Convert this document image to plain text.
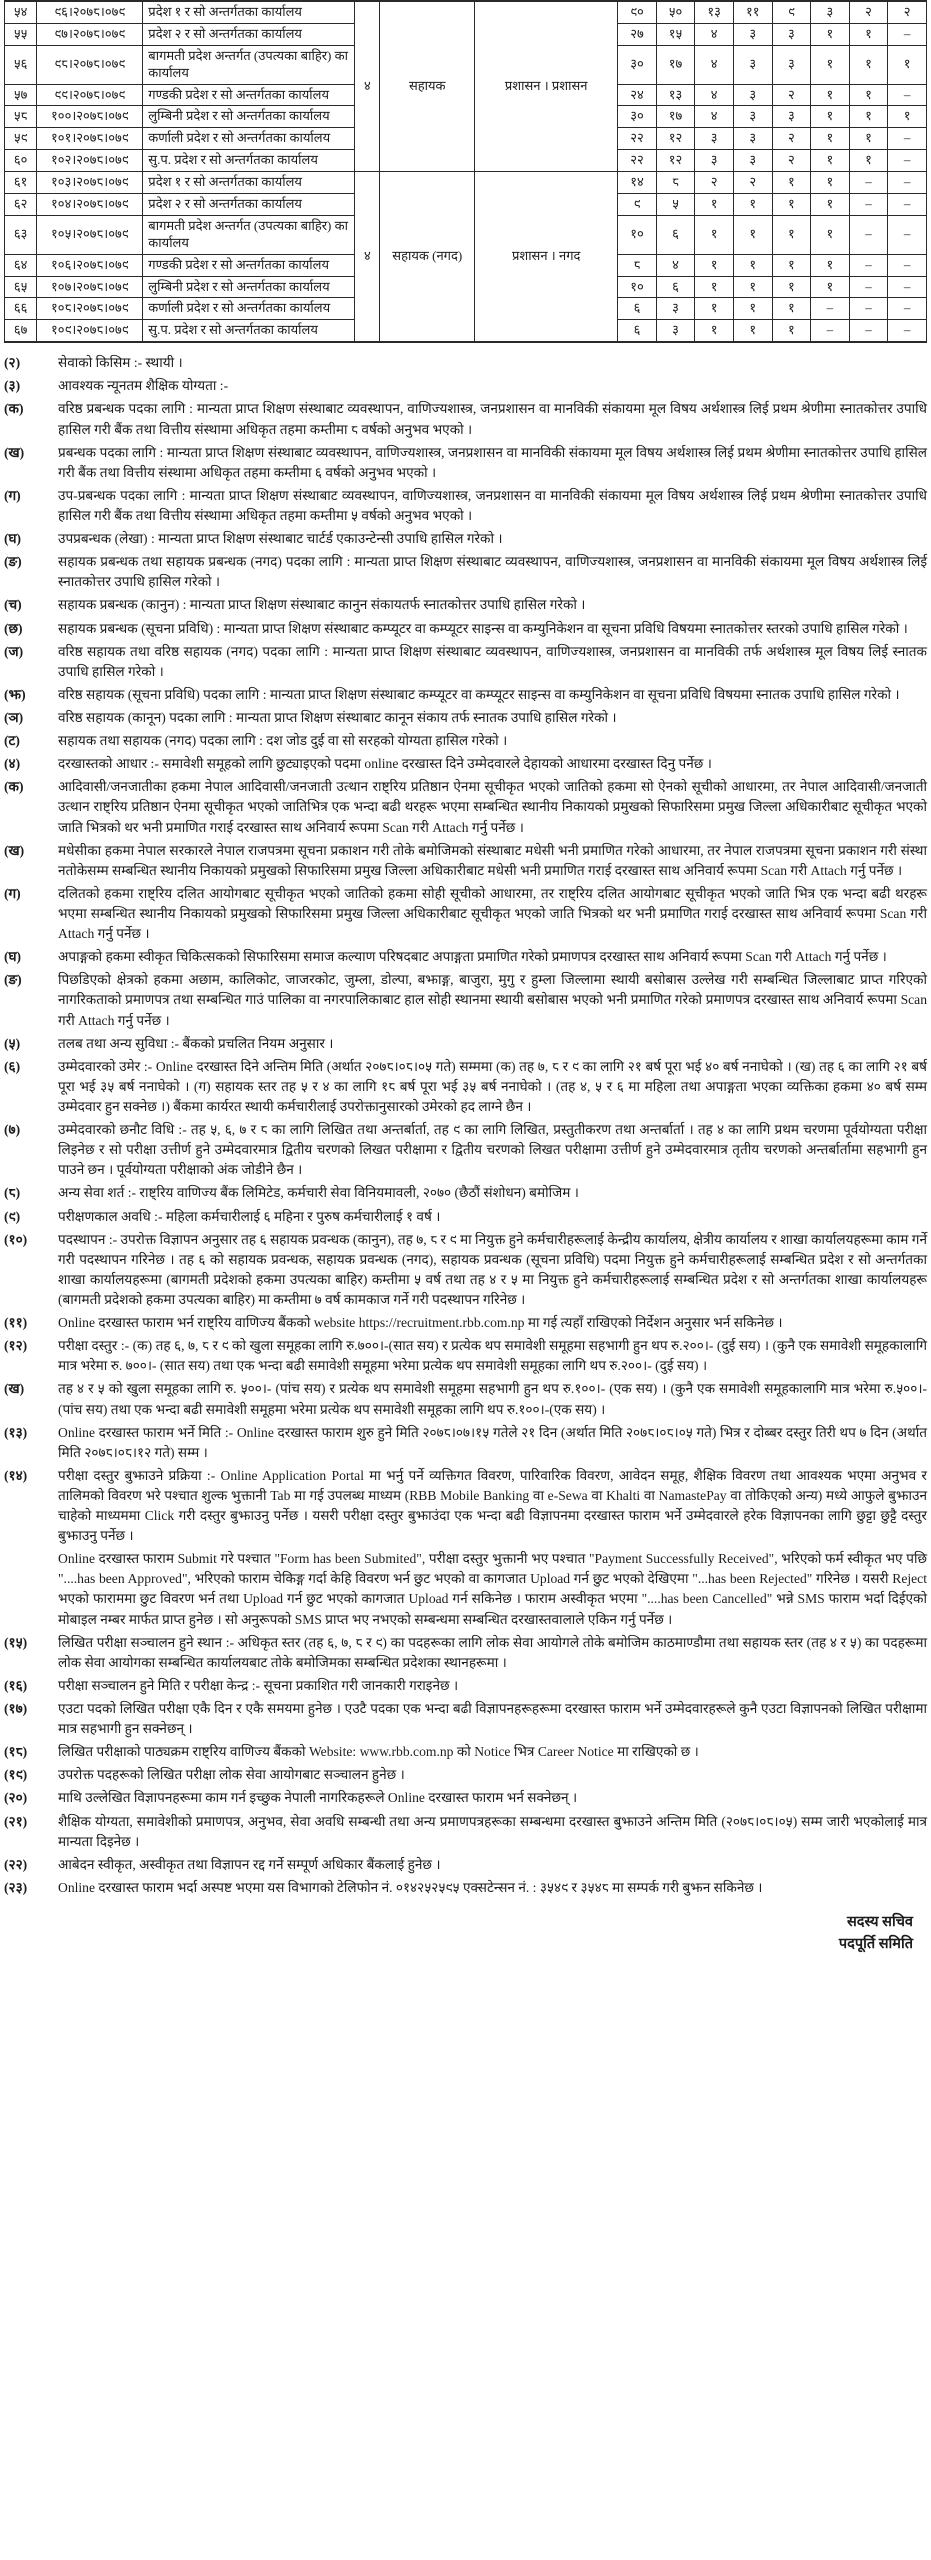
५४	९६।२०७८।०७९	प्रदेश १ र सो अन्तर्गतका कार्यालय	४	सहायक	प्रशासन । प्रशासन	९०	५०	१३	११	९	३	२	२
५५	९७।२०७८।०७९	प्रदेश २ र सो अन्तर्गतका कार्यालय				२७	१५	४	३	३	१	१	–
५६	९८।२०७८।०७९	बागमती प्रदेश अन्तर्गत (उपत्यका बाहिर) का कार्यालय				३०	१७	४	३	३	१	१	१
५७	९९।२०७८।०७९	गण्डकी प्रदेश र सो अन्तर्गतका कार्यालय				२४	१३	४	३	२	१	१	–
५८	१००।२०७८।०७९	लुम्बिनी प्रदेश र सो अन्तर्गतका कार्यालय				३०	१७	४	३	३	१	१	१
५९	१०१।२०७८।०७९	कर्णाली प्रदेश र सो अन्तर्गतका कार्यालय				२२	१२	३	३	२	१	१	–
६०	१०२।२०७८।०७९	सु.प. प्रदेश र सो अन्तर्गतका कार्यालय				२२	१२	३	३	२	१	१	–
६१	१०३।२०७८।०७९	प्रदेश १ र सो अन्तर्गतका कार्यालय	४	सहायक (नगद)	प्रशासन । नगद	१४	८	२	२	१	१	–	–
६२	१०४।२०७८।०७९	प्रदेश २ र सो अन्तर्गतका कार्यालय				९	५	१	१	१	१	–	–
६३	१०५।२०७८।०७९	बागमती प्रदेश अन्तर्गत (उपत्यका बाहिर) का कार्यालय				१०	६	१	१	१	१	–	–
६४	१०६।२०७८।०७९	गण्डकी प्रदेश र सो अन्तर्गतका कार्यालय				८	४	१	१	१	१	–	–
६५	१०७।२०७८।०७९	लुम्बिनी प्रदेश र सो अन्तर्गतका कार्यालय				१०	६	१	१	१	१	–	–
६६	१०८।२०७८।०७९	कर्णाली प्रदेश र सो अन्तर्गतका कार्यालय				६	३	१	१	१	–	–	–
६७	१०९।२०७८।०७९	सु.प. प्रदेश र सो अन्तर्गतका कार्यालय				६	३	१	१	१	–	–	–
(२)	सेवाको किसिम :- स्थायी ।
(३)	आवश्यक न्यूनतम शैक्षिक योग्यता :-
(क)	वरिष्ठ प्रबन्धक पदका लागि : मान्यता प्राप्त शिक्षण संस्थाबाट व्यवस्थापन, वाणिज्यशास्त्र, जनप्रशासन वा मानविकी संकायमा मूल विषय अर्थशास्त्र लिई प्रथम श्रेणीमा स्नातकोत्तर उपाधि हासिल गरी बैंक तथा वित्तीय संस्थामा अधिकृत तहमा कम्तीमा ८ वर्षको अनुभव भएको ।
(ख)	प्रबन्धक पदका लागि : मान्यता प्राप्त शिक्षण संस्थाबाट व्यवस्थापन, वाणिज्यशास्त्र, जनप्रशासन वा मानविकी संकायमा मूल विषय अर्थशास्त्र लिई प्रथम श्रेणीमा स्नातकोत्तर उपाधि हासिल गरी बैंक तथा वित्तीय संस्थामा अधिकृत तहमा कम्तीमा ६ वर्षको अनुभव भएको ।
(ग)	उप-प्रबन्धक पदका लागि : मान्यता प्राप्त शिक्षण संस्थाबाट व्यवस्थापन, वाणिज्यशास्त्र, जनप्रशासन वा मानविकी संकायमा मूल विषय अर्थशास्त्र लिई प्रथम श्रेणीमा स्नातकोत्तर उपाधि हासिल गरी बैंक तथा वित्तीय संस्थामा अधिकृत तहमा कम्तीमा ५ वर्षको अनुभव भएको ।
(घ)	उपप्रबन्धक (लेखा) : मान्यता प्राप्त शिक्षण संस्थाबाट चार्टर्ड एकाउन्टेन्सी उपाधि हासिल गरेको ।
(ङ)	सहायक प्रबन्धक तथा सहायक प्रबन्धक (नगद) पदका लागि : मान्यता प्राप्त शिक्षण संस्थाबाट व्यवस्थापन, वाणिज्यशास्त्र, जनप्रशासन वा मानविकी संकायमा मूल विषय अर्थशास्त्र लिई स्नातकोत्तर उपाधि हासिल गरेको ।
(च)	सहायक प्रबन्धक (कानुन) : मान्यता प्राप्त शिक्षण संस्थाबाट कानुन संकायतर्फ स्नातकोत्तर उपाधि हासिल गरेको ।
(छ)	सहायक प्रबन्धक (सूचना प्रविधि) : मान्यता प्राप्त शिक्षण संस्थाबाट कम्प्यूटर वा कम्प्यूटर साइन्स वा कम्युनिकेशन वा सूचना प्रविधि विषयमा स्नातकोत्तर स्तरको उपाधि हासिल गरेको ।
(ज)	वरिष्ठ सहायक तथा वरिष्ठ सहायक (नगद) पदका लागि : मान्यता प्राप्त शिक्षण संस्थाबाट व्यवस्थापन, वाणिज्यशास्त्र, जनप्रशासन वा मानविकी तर्फ अर्थशास्त्र मूल विषय लिई स्नातक उपाधि हासिल गरेको ।
(झ)	वरिष्ठ सहायक (सूचना प्रविधि) पदका लागि : मान्यता प्राप्त शिक्षण संस्थाबाट कम्प्यूटर वा कम्प्यूटर साइन्स वा कम्युनिकेशन वा सूचना प्रविधि विषयमा स्नातक उपाधि हासिल गरेको ।
(ञ)	वरिष्ठ सहायक (कानून) पदका लागि : मान्यता प्राप्त शिक्षण संस्थाबाट कानून संकाय तर्फ स्नातक उपाधि हासिल गरेको ।
(ट)	सहायक तथा सहायक (नगद) पदका लागि : दश जोड दुई वा सो सरहको योग्यता हासिल गरेको ।
(४)	दरखास्तको आधार :- समावेशी समूहको लागि छुट्याइएको पदमा online दरखास्त दिने उम्मेदवारले देहायको आधारमा दरखास्त दिनु पर्नेछ ।
(क)	आदिवासी/जनजातीका हकमा नेपाल आदिवासी/जनजाती उत्थान राष्ट्रिय प्रतिष्ठान ऐनमा सूचीकृत भएको जातिको हकमा सो ऐनको सूचीको आधारमा, तर नेपाल आदिवासी/जनजाती उत्थान राष्ट्रिय प्रतिष्ठान ऐनमा सूचीकृत भएको जातिभित्र एक भन्दा बढी थरहरू भएमा सम्बन्धित स्थानीय निकायको प्रमुखको सिफारिसमा प्रमुख जिल्ला अधिकारीबाट सूचीकृत भएको जाति भित्रको थर भनी प्रमाणित गराई दरखास्त साथ अनिवार्य रूपमा Scan गरी Attach गर्नु पर्नेछ ।
(ख)	मधेसीका हकमा नेपाल सरकारले नेपाल राजपत्रमा सूचना प्रकाशन गरी तोके बमोजिमको संस्थाबाट मधेसी भनी प्रमाणित गरेको आधारमा, तर नेपाल राजपत्रमा सूचना प्रकाशन गरी संस्था नतोकेसम्म सम्बन्धित स्थानीय निकायको प्रमुखको सिफारिसमा प्रमुख जिल्ला अधिकारीबाट मधेसी भनी प्रमाणित गराई दरखास्त साथ अनिवार्य रूपमा Scan गरी Attach गर्नु पर्नेछ ।
(ग)	दलितको हकमा राष्ट्रिय दलित आयोगबाट सूचीकृत भएको जातिको हकमा सोही सूचीको आधारमा, तर राष्ट्रिय दलित आयोगबाट सूचीकृत भएको जाति भित्र एक भन्दा बढी थरहरू भएमा सम्बन्धित स्थानीय निकायको प्रमुखको सिफारिसमा प्रमुख जिल्ला अधिकारीबाट सूचीकृत भएको जाति भित्रको थर भनी प्रमाणित गराई दरखास्त साथ अनिवार्य रूपमा Scan गरी Attach गर्नु पर्नेछ ।
(घ)	अपाङ्गको हकमा स्वीकृत चिकित्सकको सिफारिसमा समाज कल्याण परिषदबाट अपाङ्गता प्रमाणित गरेको प्रमाणपत्र दरखास्त साथ अनिवार्य रूपमा Scan गरी Attach गर्नु पर्नेछ ।
(ङ)	पिछडिएको क्षेत्रको हकमा अछाम, कालिकोट, जाजरकोट, जुम्ला, डोल्पा, बझाङ्ग, बाजुरा, मुगु र हुम्ला जिल्लामा स्थायी बसोबास उल्लेख गरी सम्बन्धित जिल्लाबाट प्राप्त गरिएको नागरिकताको प्रमाणपत्र तथा सम्बन्धित गाउं पालिका वा नगरपालिकाबाट हाल सोही स्थानमा स्थायी बसोबास भएको भनी प्रमाणित गरेको प्रमाणपत्र दरखास्त साथ अनिवार्य रूपमा Scan गरी Attach गर्नु पर्नेछ ।
(५)	तलब तथा अन्य सुविधा :- बैंकको प्रचलित नियम अनुसार ।
(६)	उम्मेदवारको उमेर :- Online दरखास्त दिने अन्तिम मिति (अर्थात २०७८।०८।०५ गते) सम्ममा (क) तह ७, ८ र ९ का लागि २१ बर्ष पूरा भई ४० बर्ष ननाघेको । (ख) तह ६ का लागि २१ बर्ष पूरा भई ३५ बर्ष ननाघेको । (ग) सहायक स्तर तह ५ र ४ का लागि १८ बर्ष पूरा भई ३५ बर्ष ननाघेको । (तह ४, ५ र ६ मा महिला तथा अपाङ्गता भएका व्यक्तिका हकमा ४० बर्ष सम्म उम्मेदवार हुन सक्नेछ ।) बैंकमा कार्यरत स्थायी कर्मचारीलाई उपरोक्तानुसारको उमेरको हद लाग्ने छैन ।
(७)	उम्मेदवारको छनौट विधि :- तह ५, ६, ७ र ८ का लागि लिखित तथा अन्तर्बार्ता, तह ९ का लागि लिखित, प्रस्तुतीकरण तथा अन्तर्बार्ता । तह ४ का लागि प्रथम चरणमा पूर्वयोग्यता परीक्षा लिइनेछ र सो परीक्षा उत्तीर्ण हुने उम्मेदवारमात्र द्वितीय चरणको लिखत परीक्षामा र द्वितीय चरणको लिखत परीक्षामा उत्तीर्ण हुने उम्मेदवारमात्र तृतीय चरणको अन्तर्बार्तामा सहभागी हुन पाउने छन । पूर्वयोग्यता परीक्षाको अंक जोडीने छैन ।
(८)	अन्य सेवा शर्त :- राष्ट्रिय वाणिज्य बैंक लिमिटेड, कर्मचारी सेवा विनियमावली, २०७० (छैठौं संशोधन) बमोजिम ।
(९)	परीक्षणकाल अवधि :- महिला कर्मचारीलाई ६ महिना र पुरुष कर्मचारीलाई १ वर्ष ।
(१०)	पदस्थापन :- उपरोक्त विज्ञापन अनुसार तह ६ सहायक प्रवन्धक (कानुन), तह ७, ८ र ९ मा नियुक्त हुने कर्मचारीहरूलाई केन्द्रीय कार्यालय, क्षेत्रीय कार्यालय र शाखा कार्यालयहरूमा काम गर्ने गरी पदस्थापन गरिनेछ । तह ६ को सहायक प्रवन्धक, सहायक प्रवन्धक (नगद), सहायक प्रवन्धक (सूचना प्रविधि) पदमा नियुक्त हुने कर्मचारीहरूलाई सम्बन्धित प्रदेश र सो अन्तर्गतका शाखा कार्यालयहरूमा (बागमती प्रदेशको हकमा उपत्यका बाहिर) कम्तीमा ५ वर्ष तथा तह ४ र ५ मा नियुक्त हुने कर्मचारीहरूलाई सम्बन्धित प्रदेश र सो अन्तर्गतका शाखा कार्यालयहरू (बागमती प्रदेशको हकमा उपत्यका बाहिर) मा कम्तीमा ७ वर्ष कामकाज गर्ने गरी पदस्थापन गरिनेछ ।
(११)	Online दरखास्त फाराम भर्न राष्ट्रिय वाणिज्य बैंकको website https://recruitment.rbb.com.np मा गई त्यहाँ राखिएको निर्देशन अनुसार भर्न सकिनेछ ।
(१२)	परीक्षा दस्तुर :- (क) तह ६, ७, ८ र ९ को खुला समूहका लागि रु.७००।-(सात सय) र प्रत्येक थप समावेशी समूहमा सहभागी हुन थप रु.२००।- (दुई सय) । (कुनै एक समावेशी समूहकालागि मात्र भरेमा रु. ७००।- (सात सय) तथा एक भन्दा बढी समावेशी समूहमा भरेमा प्रत्येक थप समावेशी समूहका लागि थप रु.२००।- (दुई सय) ।
(ख)	तह ४ र ५ को खुला समूहका लागि रु. ५००।- (पांच सय) र प्रत्येक थप समावेशी समूहमा सहभागी हुन थप रु.१००।- (एक सय) । (कुनै एक समावेशी समूहकालागि मात्र भरेमा रु.५००।- (पांच सय) तथा एक भन्दा बढी समावेशी समूहमा भरेमा प्रत्येक थप समावेशी समूहका लागि थप रु.१००।-(एक सय) ।
(१३)	Online दरखास्त फाराम भर्ने मिति :- Online दरखास्त फाराम शुरु हुने मिति २०७८।०७।१५ गतेले २१ दिन (अर्थात मिति २०७८।०८।०५ गते) भित्र र दोब्बर दस्तुर तिरी थप ७ दिन (अर्थात मिति २०७८।०८।१२ गते) सम्म ।
(१४)	परीक्षा दस्तुर बुझाउने प्रक्रिया :- Online Application Portal मा भर्नु पर्ने व्यक्तिगत विवरण, पारिवारिक विवरण, आवेदन समूह, शैक्षिक विवरण तथा आवश्यक भएमा अनुभव र तालिमको विवरण भरे पश्चात शुल्क भुक्तानी Tab मा गई उपलब्ध माध्यम (RBB Mobile Banking वा e-Sewa वा Khalti वा NamastePay वा तोकिएको अन्य) मध्ये आफुले बुझाउन चाहेको माध्यममा Click गरी दस्तुर बुझाउनु पर्नेछ । यसरी परीक्षा दस्तुर बुझाउंदा एक भन्दा बढी विज्ञापनमा दरखास्त फाराम भर्ने उम्मेदवारले हरेक विज्ञापनका लागि छुट्टा छुट्टै दस्तुर बुझाउनु पर्नेछ ।
Online दरखास्त फाराम Submit गरे पश्चात "Form has been Submited", परीक्षा दस्तुर भुक्तानी भए पश्चात "Payment Successfully Received", भरिएको फर्म स्वीकृत भए पछि "....has been Approved", भरिएको फाराम चेकिङ्ग गर्दा केहि विवरण भर्न छुट भएको वा कागजात Upload गर्न छुट भएको देखिएमा "...has been Rejected" गरिनेछ । यसरी Reject भएको फाराममा छुट विवरण भर्न तथा Upload गर्न छुट भएको कागजात Upload गर्न सकिनेछ । फाराम अस्वीकृत भएमा "....has been Cancelled" भन्ने SMS फाराम भर्दा दिईएको मोबाइल नम्बर मार्फत प्राप्त हुनेछ । सो अनुरूपको SMS प्राप्त भए नभएको सम्बन्धमा सम्बन्धित दरखास्तवालाले एकिन गर्नु पर्नेछ ।
(१५)	लिखित परीक्षा सञ्चालन हुने स्थान :- अधिकृत स्तर (तह ६, ७, ८ र ९) का पदहरूका लागि लोक सेवा आयोगले तोके बमोजिम काठमाण्डौमा तथा सहायक स्तर (तह ४ र ५) का पदहरूमा लोक सेवा आयोगका सम्बन्धित कार्यालयबाट तोके बमोजिमका सम्बन्धित प्रदेशका स्थानहरूमा ।
(१६)	परीक्षा सञ्चालन हुने मिति र परीक्षा केन्द्र :- सूचना प्रकाशित गरी जानकारी गराइनेछ ।
(१७)	एउटा पदको लिखित परीक्षा एकै दिन र एकै समयमा हुनेछ । एउटै पदका एक भन्दा बढी विज्ञापनहरूहरूमा दरखास्त फाराम भर्ने उम्मेदवारहरूले कुनै एउटा विज्ञापनको लिखित परीक्षामा मात्र सहभागी हुन सक्नेछन् ।
(१८)	लिखित परीक्षाको पाठ्यक्रम राष्ट्रिय वाणिज्य बैंकको Website: www.rbb.com.np को Notice भित्र Career Notice मा राखिएको छ ।
(१९)	उपरोक्त पदहरूको लिखित परीक्षा लोक सेवा आयोगबाट सञ्चालन हुनेछ ।
(२०)	माथि उल्लेखित विज्ञापनहरूमा काम गर्न इच्छुक नेपाली नागरिकहरूले Online दरखास्त फाराम भर्न सक्नेछन् ।
(२१)	शैक्षिक योग्यता, समावेशीको प्रमाणपत्र, अनुभव, सेवा अवधि सम्बन्धी तथा अन्य प्रमाणपत्रहरूका सम्बन्धमा दरखास्त बुझाउने अन्तिम मिति (२०७८।०८।०५) सम्म जारी भएकोलाई मात्र मान्यता दिइनेछ ।
(२२)	आबेदन स्वीकृत, अस्वीकृत तथा विज्ञापन रद्द गर्ने सम्पूर्ण अधिकार बैंकलाई हुनेछ ।
(२३)	Online दरखास्त फाराम भर्दा अस्पष्ट भएमा यस विभागको टेलिफोन नं. ०१४२५२५९५ एक्सटेन्सन नं. : ३५४९ र ३५४८ मा सम्पर्क गरी बुझन सकिनेछ ।
सदस्य सचिव
पदपूर्ति समिति
